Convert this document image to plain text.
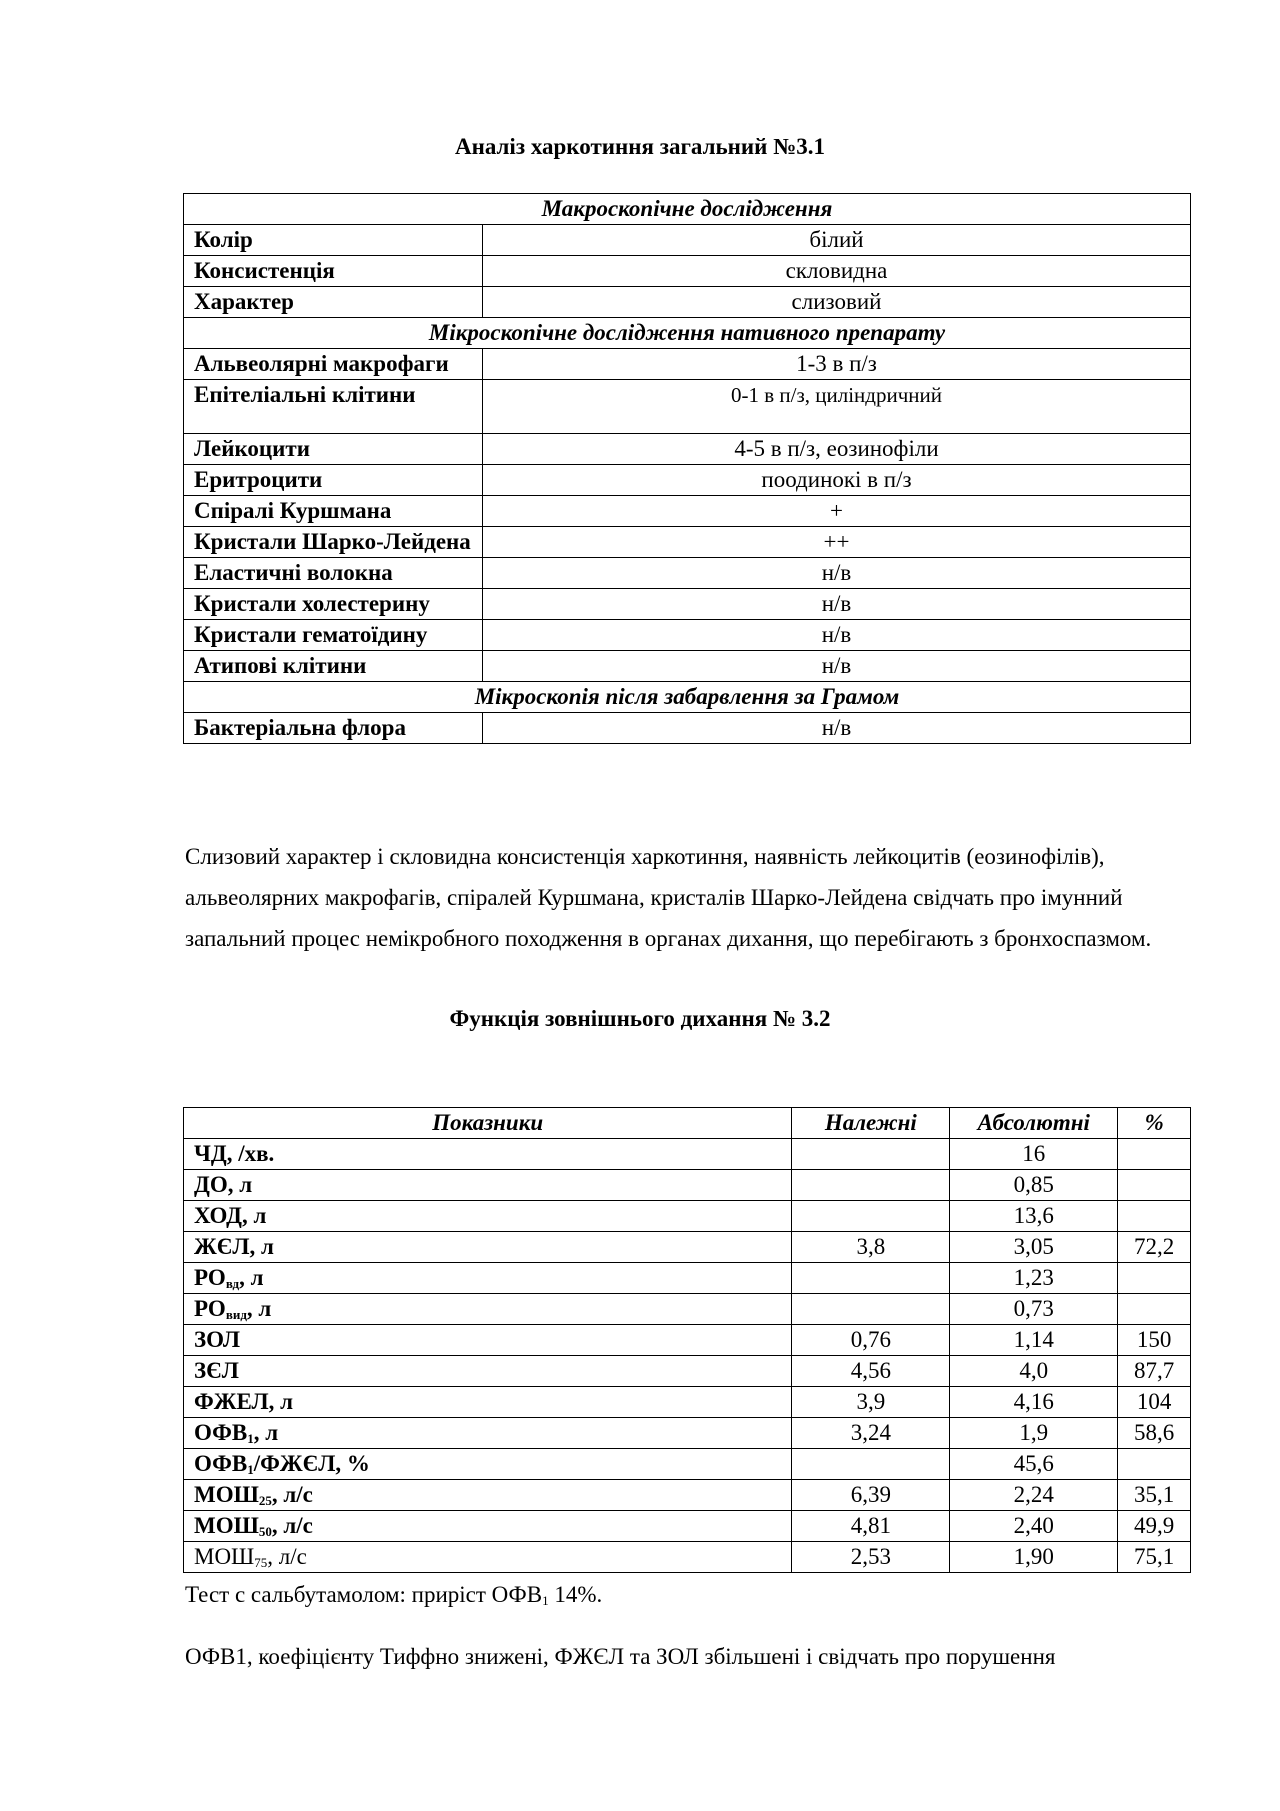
Аналіз харкотиння загальний №3.1
Макроскопічне дослідження	
Колір	білий
Консистенція	скловидна
Характер	слизовий
Мікроскопічне дослідження нативного препарату	
Альвеолярні макрофаги	1-3 в п/з
Епітеліальні клітини	0-1 в п/з, циліндричний
Лейкоцити	4-5 в п/з, еозинофіли
Еритроцити	поодинокі в п/з
Спіралі Куршмана	+
Кристали Шарко-Лейдена	++
Еластичні волокна	н/в
Кристали холестерину	н/в
Кристали гематоїдину	н/в
Атипові клітини	н/в
Мікроскопія після забарвлення за Грамом	
Бактеріальна флора	н/в
Слизовий характер і скловидна консистенція харкотиння, наявність лейкоцитів (еозинофілів), альвеолярних макрофагів, спіралей Куршмана, кристалів Шарко-Лейдена свідчать про імунний запальний процес немікробного походження в органах дихання, що перебігають з бронхоспазмом.
Функція зовнішнього дихання № 3.2
Показники	Належні	Абсолютні	%
ЧД, /хв.		16	
ДО, л		0,85	
ХОД, л		13,6	
ЖЄЛ, л	3,8	3,05	72,2
$РО_{вд}$, л		1,23	
$РО_{вид}$, л		0,73	
ЗОЛ	0,76	1,14	150
ЗЄЛ	4,56	4,0	87,7
ФЖЕЛ, л	3,9	4,16	104
$ОФВ_1$, л	3,24	1,9	58,6
$ОФВ_1$/ФЖЄЛ, %		45,6	
$МОШ_{25}$, л/с	6,39	2,24	35,1
$МОШ_{50}$, л/с	4,81	2,40	49,9
$МОШ_{75}$, л/с	2,53	1,90	75,1
Тест с сальбутамолом: приріст $ОФВ_1$ 14%.
ОФВ1, коефіцієнту Тиффно знижені, ФЖЄЛ та ЗОЛ збільшені і свідчать про порушення
